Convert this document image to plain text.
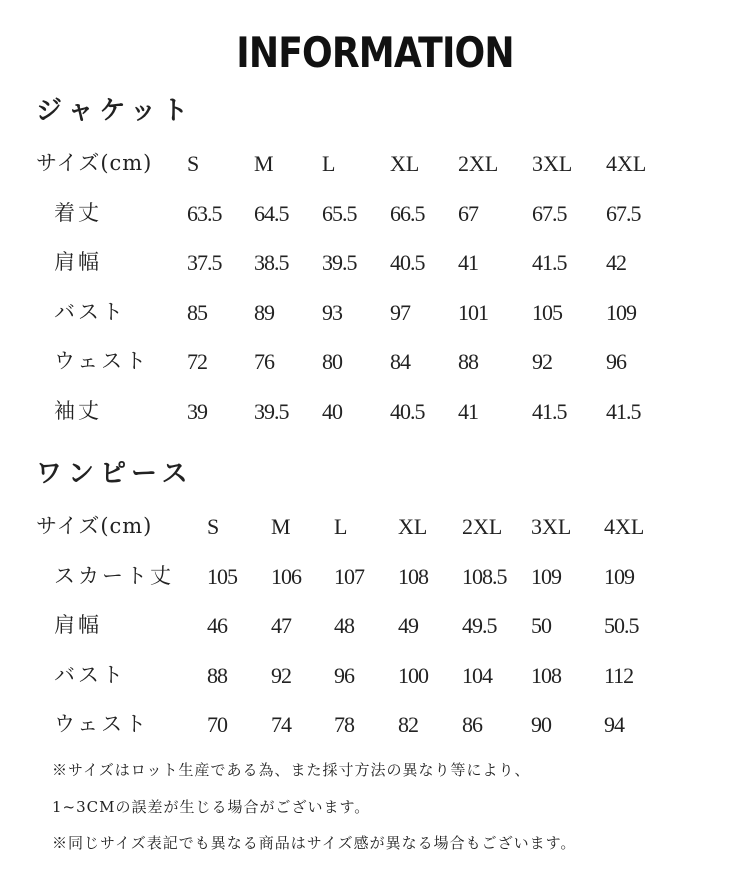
INFORMATION
ジャケット
サイズ(cm) S M L XL 2XL 3XL 4XL
着丈	63.5 64.5 65.5 66.5 67 67.5 67.5
肩幅	37.5 38.5 39.5 40.5 41 41.5 42
バスト	85 89 93 97 101 105 109
ウェスト 72 76 80 84 88 92 96
袖丈	39 39.5 40 40.5 41 41.5 41.5
ワンピース
サイズ(cm) S M L XL 2XL 3XL 4XL
スカート丈 105 106 107 108 108.5 109 109
肩幅	46 47 48 49 49.5 50 50.5
バスト	88 92 96 100 104 108 112
ウェスト	70 74 78 82 86 90 94
※サイズはロット生産である為、また採寸方法の異なり等により、
1~3CMの誤差が生じる場合がございます。
※同じサイズ表記でも異なる商品はサイズ感が異なる場合もございます。
